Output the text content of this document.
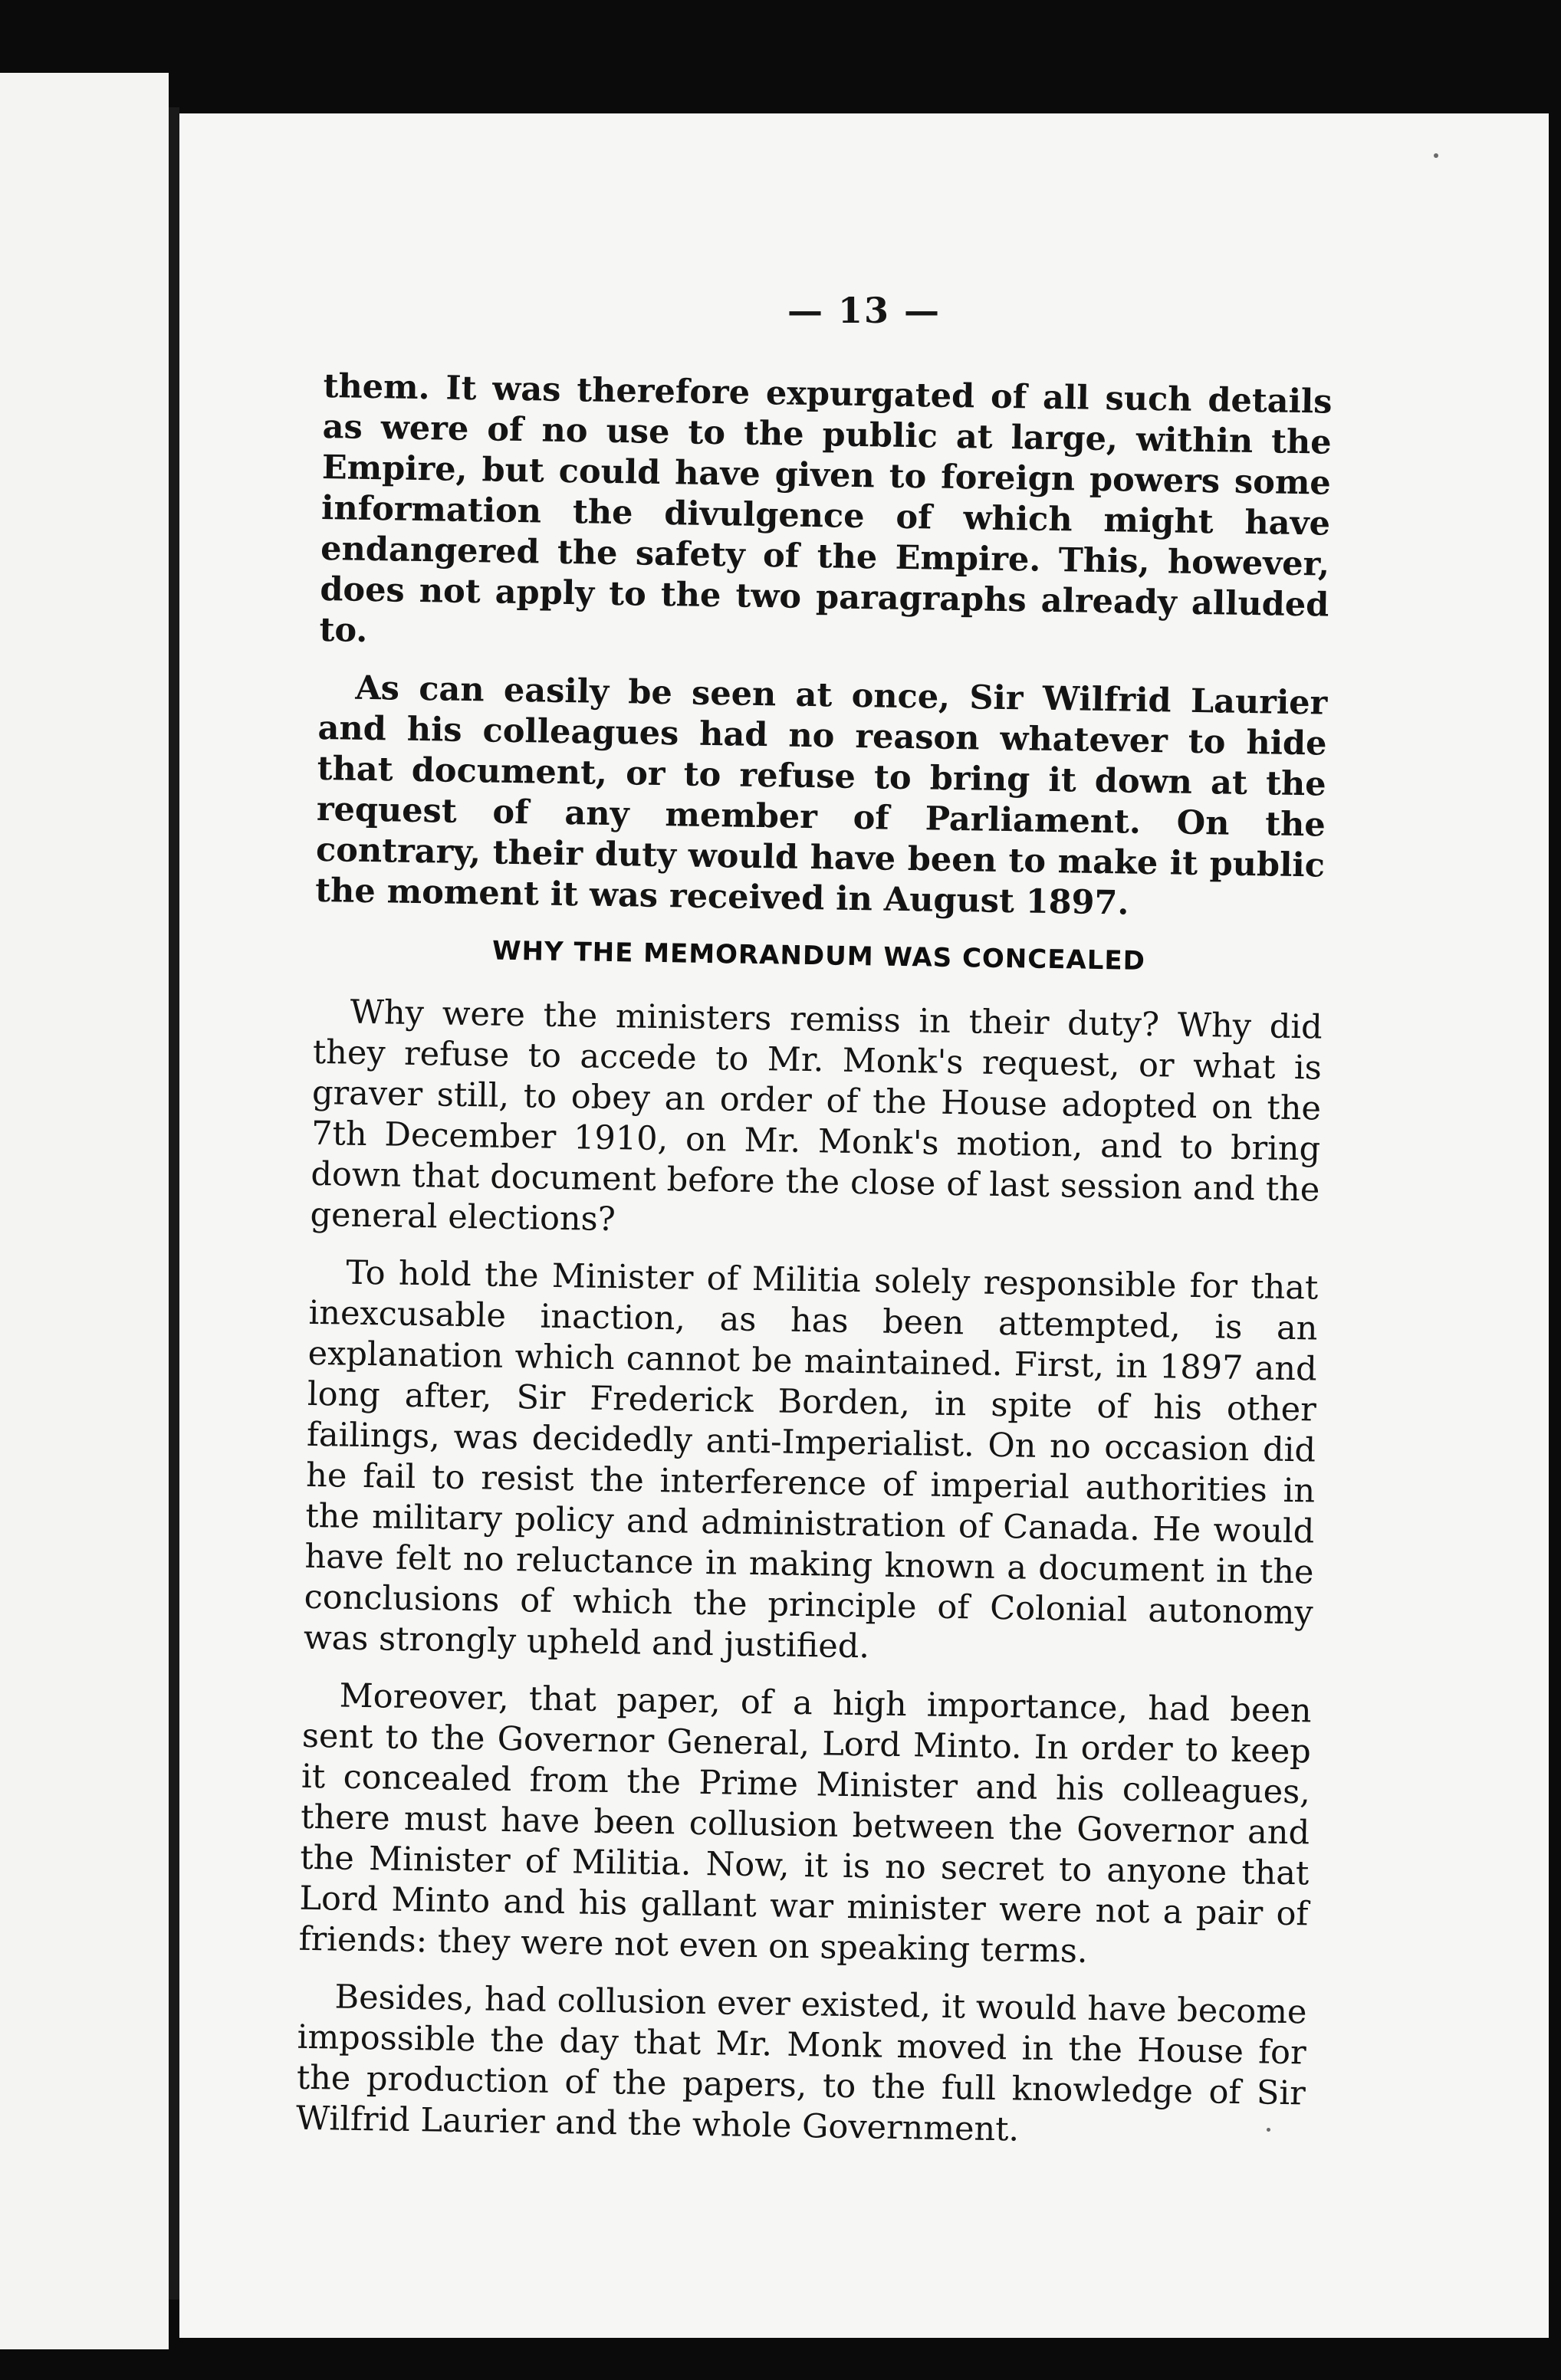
— 13 —

them. It was therefore expurgated of all such details as were of no use to the public at large, within the Empire, but could have given to foreign powers some information the divulgence of which might have endangered the safety of the Empire. This, however, does not apply to the two paragraphs already alluded to.

As can easily be seen at once, Sir Wilfrid Laurier and his colleagues had no reason whatever to hide that document, or to refuse to bring it down at the request of any member of Parliament. On the contrary, their duty would have been to make it public the moment it was received in August 1897.

WHY THE MEMORANDUM WAS CONCEALED

Why were the ministers remiss in their duty? Why did they refuse to accede to Mr. Monk's request, or what is graver still, to obey an order of the House adopted on the 7th December 1910, on Mr. Monk's motion, and to bring down that document before the close of last session and the general elections?

To hold the Minister of Militia solely responsible for that inexcusable inaction, as has been attempted, is an explanation which cannot be maintained. First, in 1897 and long after, Sir Frederick Borden, in spite of his other failings, was decidedly anti-Imperialist. On no occasion did he fail to resist the interference of imperial authorities in the military policy and administration of Canada. He would have felt no reluctance in making known a document in the conclusions of which the principle of Colonial autonomy was strongly upheld and justified.

Moreover, that paper, of a high importance, had been sent to the Governor General, Lord Minto. In order to keep it concealed from the Prime Minister and his colleagues, there must have been collusion between the Governor and the Minister of Militia. Now, it is no secret to anyone that Lord Minto and his gallant war minister were not a pair of friends: they were not even on speaking terms.

Besides, had collusion ever existed, it would have become impossible the day that Mr. Monk moved in the House for the production of the papers, to the full knowledge of Sir Wilfrid Laurier and the whole Government.
